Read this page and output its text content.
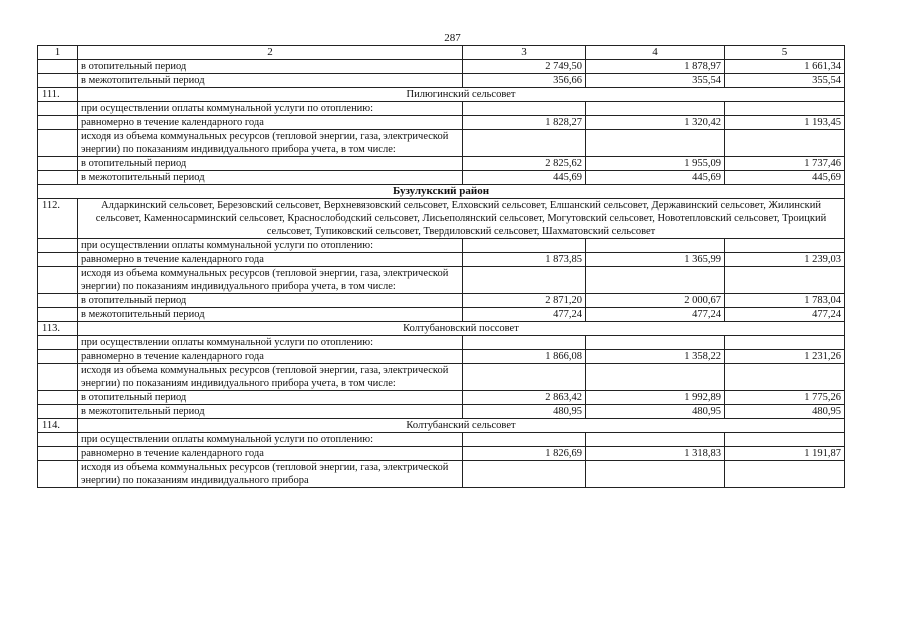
287
1	2	3	4	5
	в отопительный период	2 749,50	1 878,97	1 661,34
	в межотопительный период	356,66	355,54	355,54
111.	Пилюгинский сельсовет			
	при осуществлении оплаты коммунальной услуги по отоплению:			
	равномерно в течение календарного года	1 828,27	1 320,42	1 193,45
	исходя из объема коммунальных ресурсов (тепловой энергии, газа, электрической энергии) по показаниям индивидуального прибора учета, в том числе:			
	в отопительный период	2 825,62	1 955,09	1 737,46
	в межотопительный период	445,69	445,69	445,69
Бузулукский район				
112.	Алдаркинский сельсовет, Березовский сельсовет, Верхневязовский сельсовет, Елховский сельсовет, Елшанский сельсовет, Державинский сельсовет, Жилинский сельсовет, Каменносарминский сельсовет, Краснослободский сельсовет, Лисьеполянский сельсовет, Могутовский сельсовет, Новотепловский сельсовет, Троицкий сельсовет, Тупиковский сельсовет, Твердиловский сельсовет, Шахматовский сельсовет			
	при осуществлении оплаты коммунальной услуги по отоплению:			
	равномерно в течение календарного года	1 873,85	1 365,99	1 239,03
	исходя из объема коммунальных ресурсов (тепловой энергии, газа, электрической энергии) по показаниям индивидуального прибора учета, в том числе:			
	в отопительный период	2 871,20	2 000,67	1 783,04
	в межотопительный период	477,24	477,24	477,24
113.	Колтубановский поссовет			
	при осуществлении оплаты коммунальной услуги по отоплению:			
	равномерно в течение календарного года	1 866,08	1 358,22	1 231,26
	исходя из объема коммунальных ресурсов (тепловой энергии, газа, электрической энергии) по показаниям индивидуального прибора учета, в том числе:			
	в отопительный период	2 863,42	1 992,89	1 775,26
	в межотопительный период	480,95	480,95	480,95
114.	Колтубанский сельсовет			
	при осуществлении оплаты коммунальной услуги по отоплению:			
	равномерно в течение календарного года	1 826,69	1 318,83	1 191,87
	исходя из объема коммунальных ресурсов (тепловой энергии, газа, электрической энергии) по показаниям индивидуального прибора			
